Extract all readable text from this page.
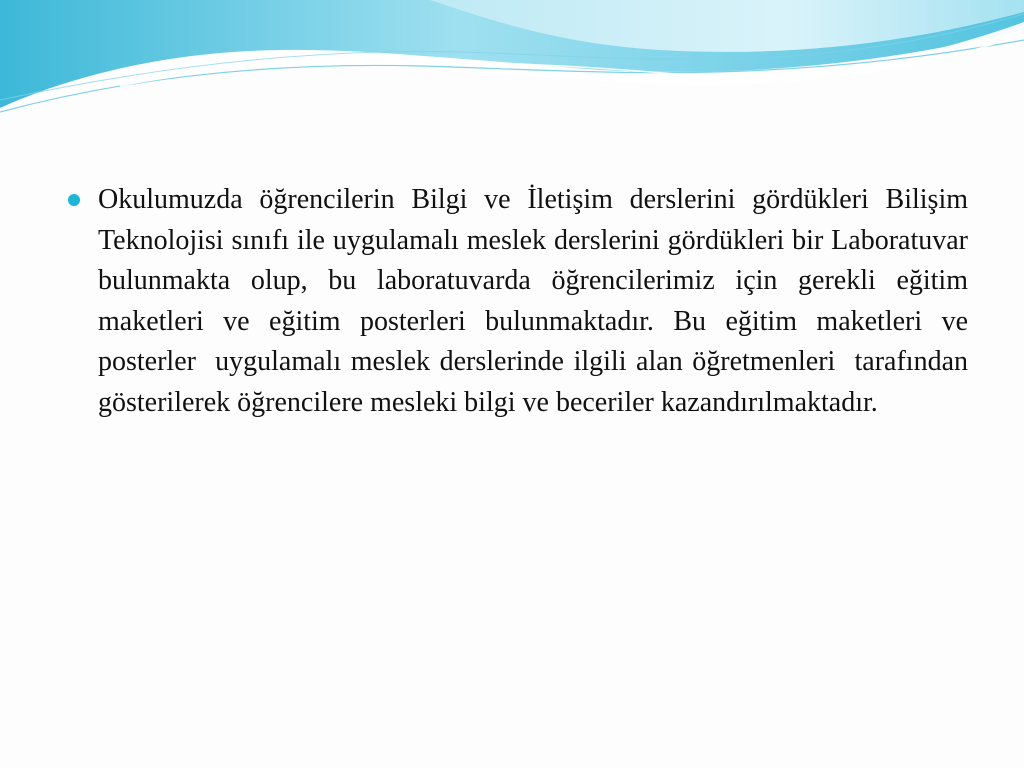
Okulumuzda öğrencilerin Bilgi ve İletişim derslerini gördükleri Bilişim Teknolojisi sınıfı ile uygulamalı meslek derslerini gördükleri bir Laboratuvar bulunmakta olup, bu laboratuvarda öğrencilerimiz için gerekli eğitim maketleri ve eğitim posterleri bulunmaktadır. Bu eğitim maketleri ve posterler  uygulamalı meslek derslerinde ilgili alan öğretmenleri  tarafından gösterilerek öğrencilere mesleki bilgi ve beceriler kazandırılmaktadır.
